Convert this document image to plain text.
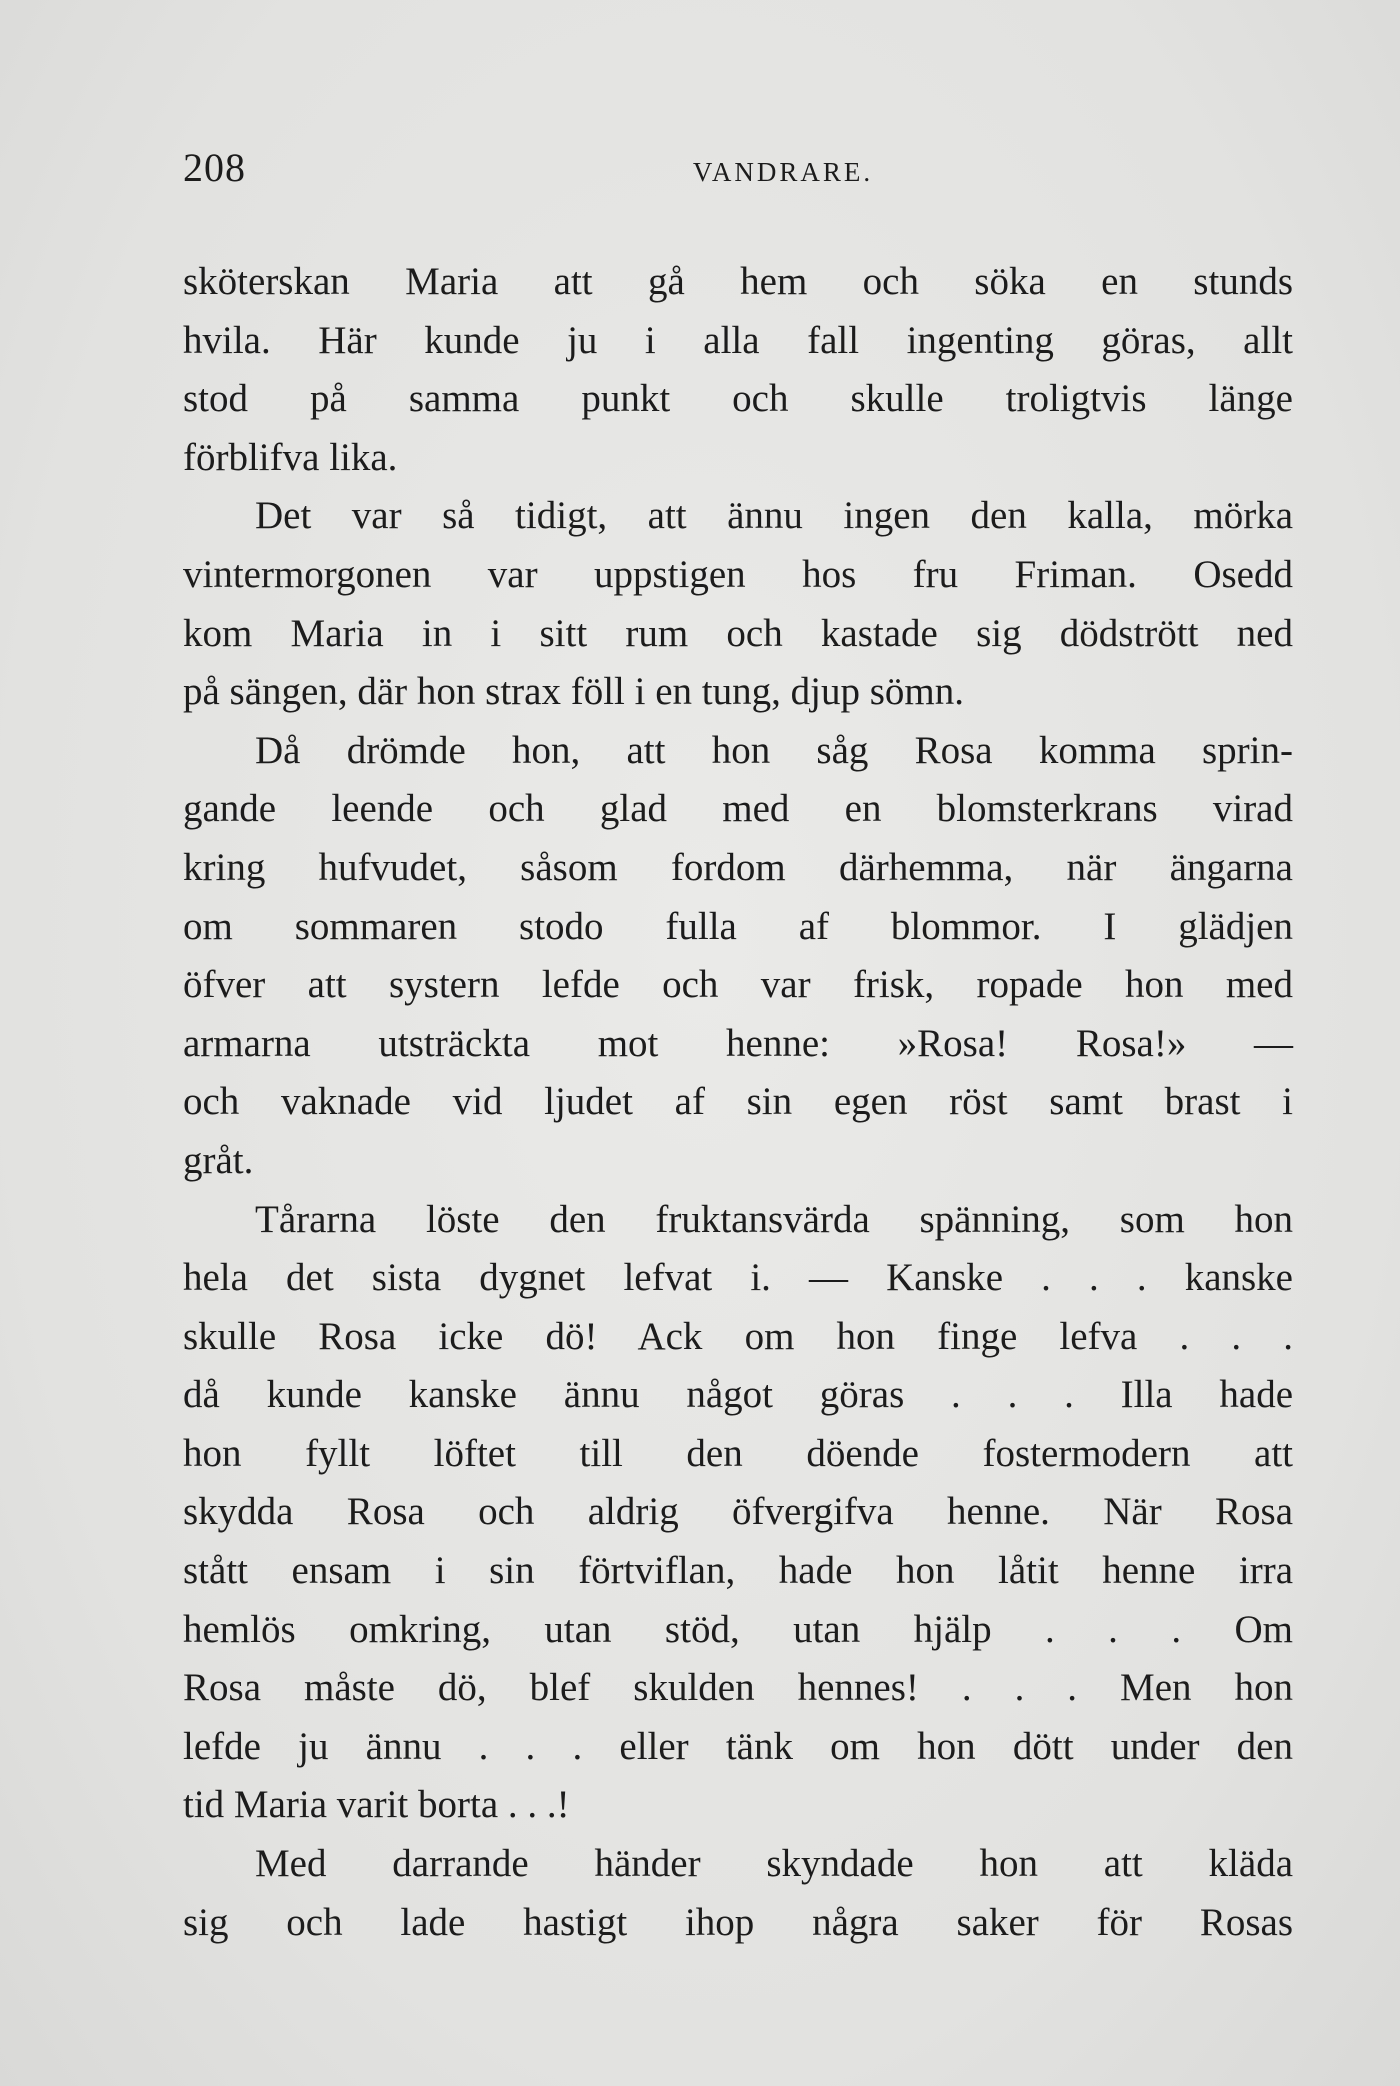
208	VANDRARE.
sköterskan Maria att gå hem och söka en stunds
hvila. Här kunde ju i alla fall ingenting göras, allt
stod på samma punkt och skulle troligtvis länge
förblifva lika.
Det var så tidigt, att ännu ingen den kalla, mörka
vintermorgonen var uppstigen hos fru Friman. Osedd
kom Maria in i sitt rum och kastade sig dödstrött ned
på sängen, där hon strax föll i en tung, djup sömn.
Då drömde hon, att hon såg Rosa komma sprin-
gande leende och glad med en blomsterkrans virad
kring hufvudet, såsom fordom därhemma, när ängarna
om sommaren stodo fulla af blommor. I glädjen
öfver att systern lefde och var frisk, ropade hon med
armarna utsträckta mot henne: »Rosa! Rosa!» —
och vaknade vid ljudet af sin egen röst samt brast i
gråt.
Tårarna löste den fruktansvärda spänning, som hon
hela det sista dygnet lefvat i. — Kanske . . . kanske
skulle Rosa icke dö! Ack om hon finge lefva . . .
då kunde kanske ännu något göras . . . Illa hade
hon fyllt löftet till den döende fostermodern att
skydda Rosa och aldrig öfvergifva henne. När Rosa
stått ensam i sin förtviflan, hade hon låtit henne irra
hemlös omkring, utan stöd, utan hjälp . . . Om
Rosa måste dö, blef skulden hennes! . . . Men hon
lefde ju ännu . . . eller tänk om hon dött under den
tid Maria varit borta . . .!
Med darrande händer skyndade hon att kläda
sig och lade hastigt ihop några saker för Rosas
